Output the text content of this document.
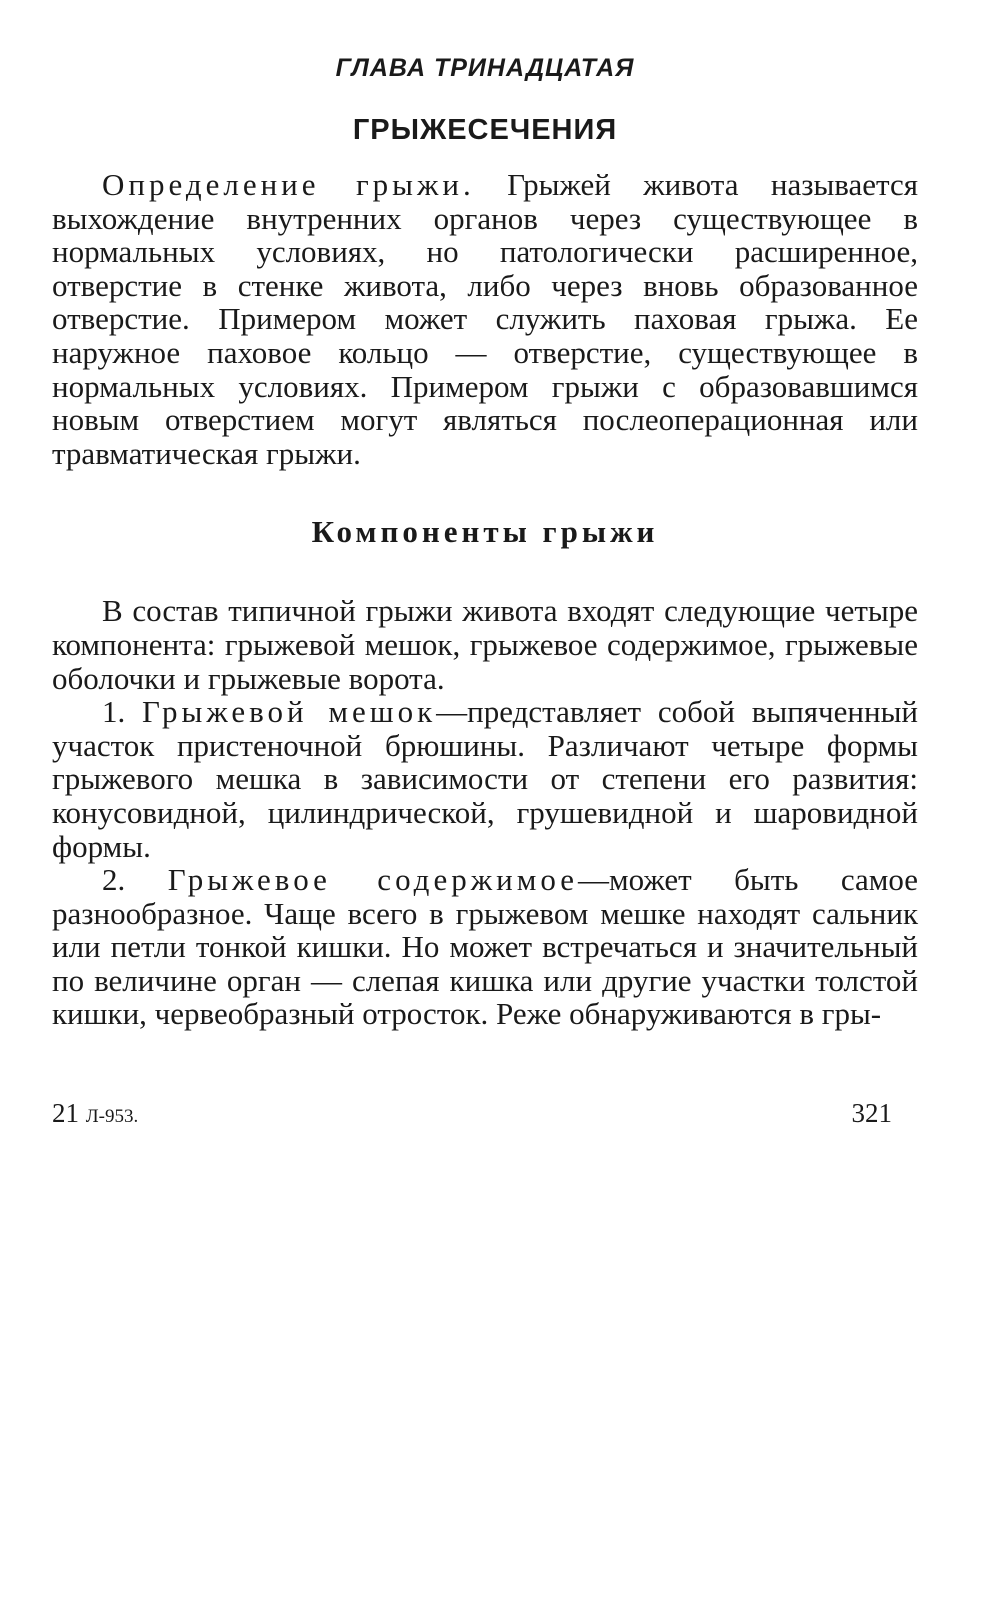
ГЛАВА ТРИНАДЦАТАЯ
ГРЫЖЕСЕЧЕНИЯ

Определение грыжи. Грыжей живота называется выхождение внутренних органов через существующее в нормальных условиях, но патологически расширенное, отверстие в стенке живота, либо через вновь образованное отверстие. Примером может служить паховая грыжа. Ее наружное паховое кольцо — отверстие, существующее в нормальных условиях. Примером грыжи с образовавшимся новым отверстием могут являться послеоперационная или травматическая грыжи.

Компоненты грыжи

В состав типичной грыжи живота входят следующие четыре компонента: грыжевой мешок, грыжевое содержимое, грыжевые оболочки и грыжевые ворота.

1. Грыжевой мешок—представляет собой выпяченный участок пристеночной брюшины. Различают четыре формы грыжевого мешка в зависимости от степени его развития: конусовидной, цилиндрической, грушевидной и шаровидной формы.

2. Грыжевое содержимое—может быть самое разнообразное. Чаще всего в грыжевом мешке находят сальник или петли тонкой кишки. Но может встречаться и значительный по величине орган — слепая кишка или другие участки толстой кишки, червеобразный отросток. Реже обнаруживаются в гры-

21 Л-953.	321
